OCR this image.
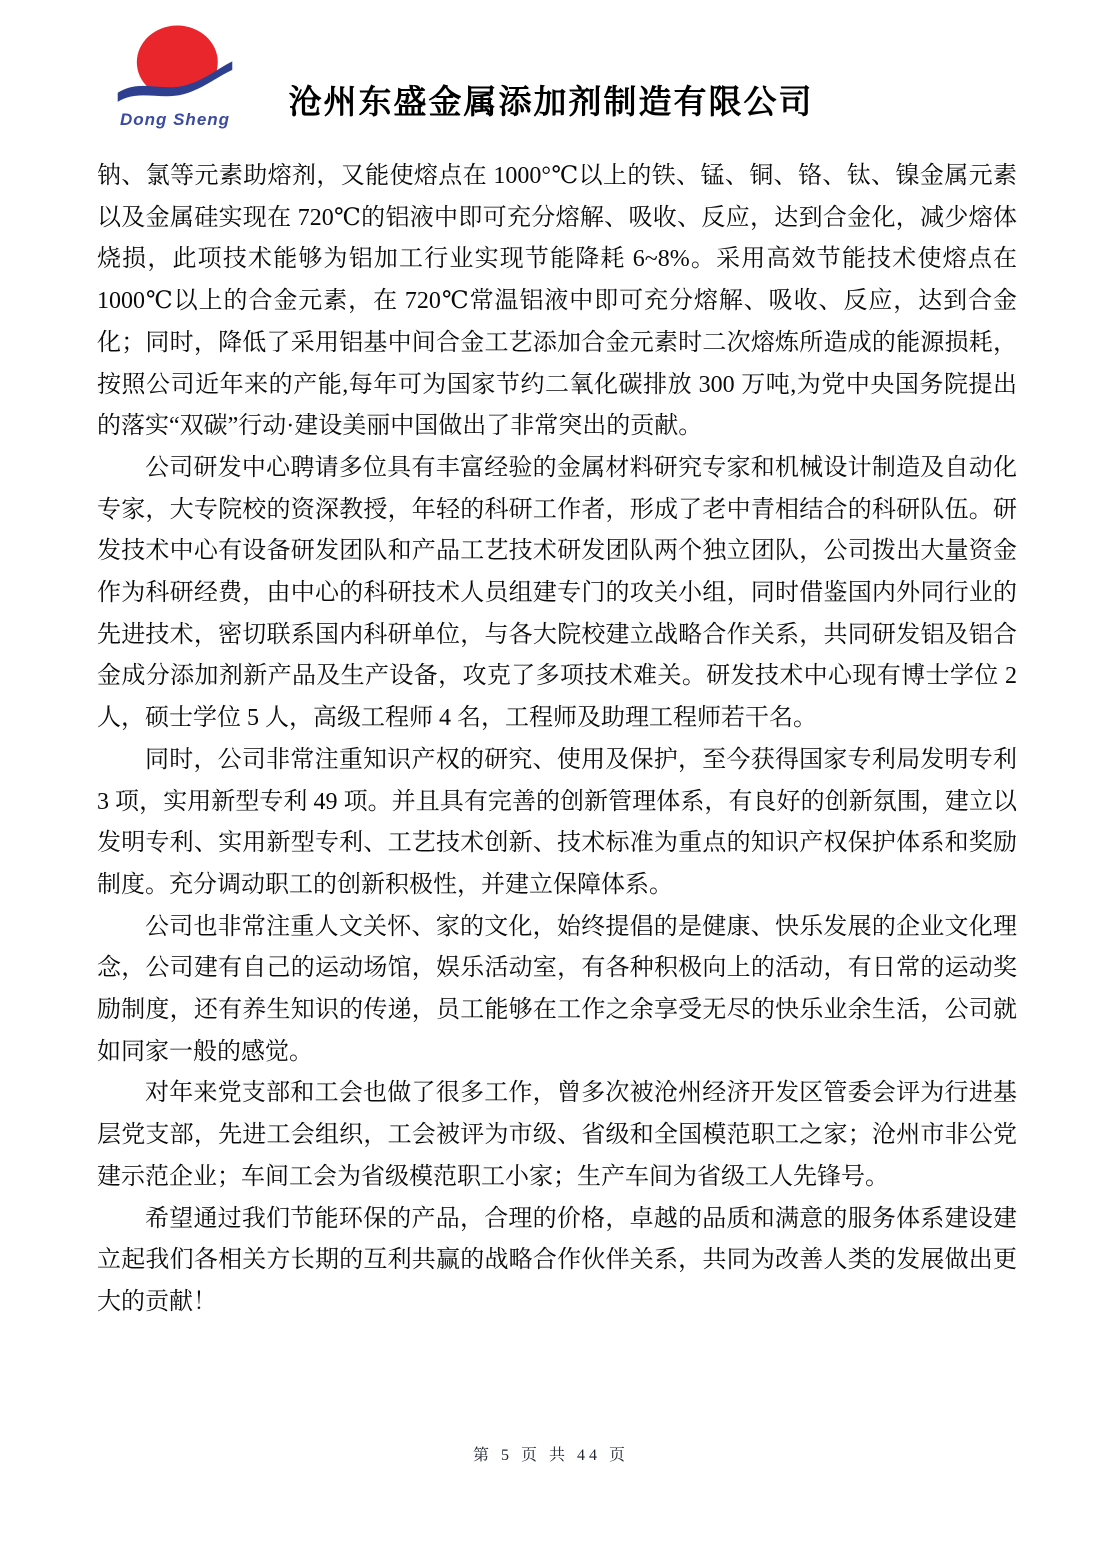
Dong Sheng	沧州东盛金属添加剂制造有限公司

钠、氯等元素助熔剂，又能使熔点在 1000°℃以上的铁、锰、铜、铬、钛、镍金属元素以及金属硅实现在 720℃的铝液中即可充分熔解、吸收、反应，达到合金化，减少熔体烧损，此项技术能够为铝加工行业实现节能降耗 6~8%。采用高效节能技术使熔点在 1000℃以上的合金元素，在 720℃常温铝液中即可充分熔解、吸收、反应，达到合金化；同时，降低了采用铝基中间合金工艺添加合金元素时二次熔炼所造成的能源损耗，按照公司近年来的产能,每年可为国家节约二氧化碳排放 300 万吨,为党中央国务院提出的落实“双碳”行动·建设美丽中国做出了非常突出的贡献。

公司研发中心聘请多位具有丰富经验的金属材料研究专家和机械设计制造及自动化专家，大专院校的资深教授，年轻的科研工作者，形成了老中青相结合的科研队伍。研发技术中心有设备研发团队和产品工艺技术研发团队两个独立团队，公司拨出大量资金作为科研经费，由中心的科研技术人员组建专门的攻关小组，同时借鉴国内外同行业的先进技术，密切联系国内科研单位，与各大院校建立战略合作关系，共同研发铝及铝合金成分添加剂新产品及生产设备，攻克了多项技术难关。研发技术中心现有博士学位 2 人，硕士学位 5 人，高级工程师 4 名，工程师及助理工程师若干名。

同时，公司非常注重知识产权的研究、使用及保护，至今获得国家专利局发明专利 3 项，实用新型专利 49 项。并且具有完善的创新管理体系，有良好的创新氛围，建立以发明专利、实用新型专利、工艺技术创新、技术标准为重点的知识产权保护体系和奖励制度。充分调动职工的创新积极性，并建立保障体系。

公司也非常注重人文关怀、家的文化，始终提倡的是健康、快乐发展的企业文化理念，公司建有自己的运动场馆，娱乐活动室，有各种积极向上的活动，有日常的运动奖励制度，还有养生知识的传递，员工能够在工作之余享受无尽的快乐业余生活，公司就如同家一般的感觉。

对年来党支部和工会也做了很多工作，曾多次被沧州经济开发区管委会评为行进基层党支部，先进工会组织，工会被评为市级、省级和全国模范职工之家；沧州市非公党建示范企业；车间工会为省级模范职工小家；生产车间为省级工人先锋号。

希望通过我们节能环保的产品，合理的价格，卓越的品质和满意的服务体系建设建立起我们各相关方长期的互利共赢的战略合作伙伴关系，共同为改善人类的发展做出更大的贡献！

第 5 页 共 44 页
